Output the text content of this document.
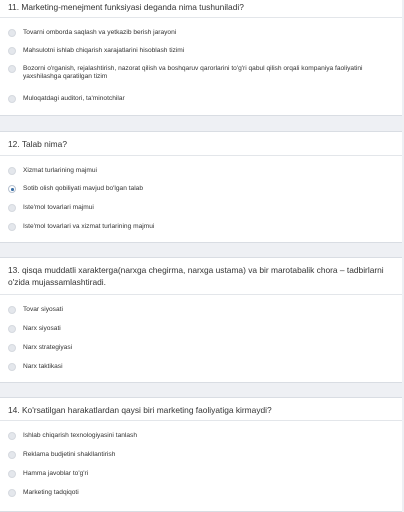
11. Marketing-menejment funksiyasi deganda nima tushuniladi?
Tovarni omborda saqlash va yetkazib berish jarayoni
Mahsulotni ishlab chiqarish xarajatlarini hisoblash tizimi
Bozorni o'rganish, rejalashtirish, nazorat qilish va boshqaruv qarorlarini to'g'ri qabul qilish orqali kompaniya faoliyatini yaxshilashga qaratilgan tizim
Muloqatdagi auditori, ta'minotchilar
12. Talab nima?
Xizmat turlarining majmui
Sotib olish qobiliyati mavjud bo'lgan talab
Iste'mol tovarlari majmui
Iste'mol tovarlari va xizmat turlarining majmui
13. qisqa muddatli xarakterga(narxga chegirma, narxga ustama) va bir marotabalik chora – tadbirlarni o'zida mujassamlashtiradi.
Tovar siyosati
Narx siyosati
Narx strategiyasi
Narx taktikasi
14. Ko'rsatilgan harakatlardan qaysi biri marketing faoliyatiga kirmaydi?
Ishlab chiqarish texnologiyasini tanlash
Reklama budjetini shakllantirish
Hamma javoblar to'g'ri
Marketing tadqiqoti
